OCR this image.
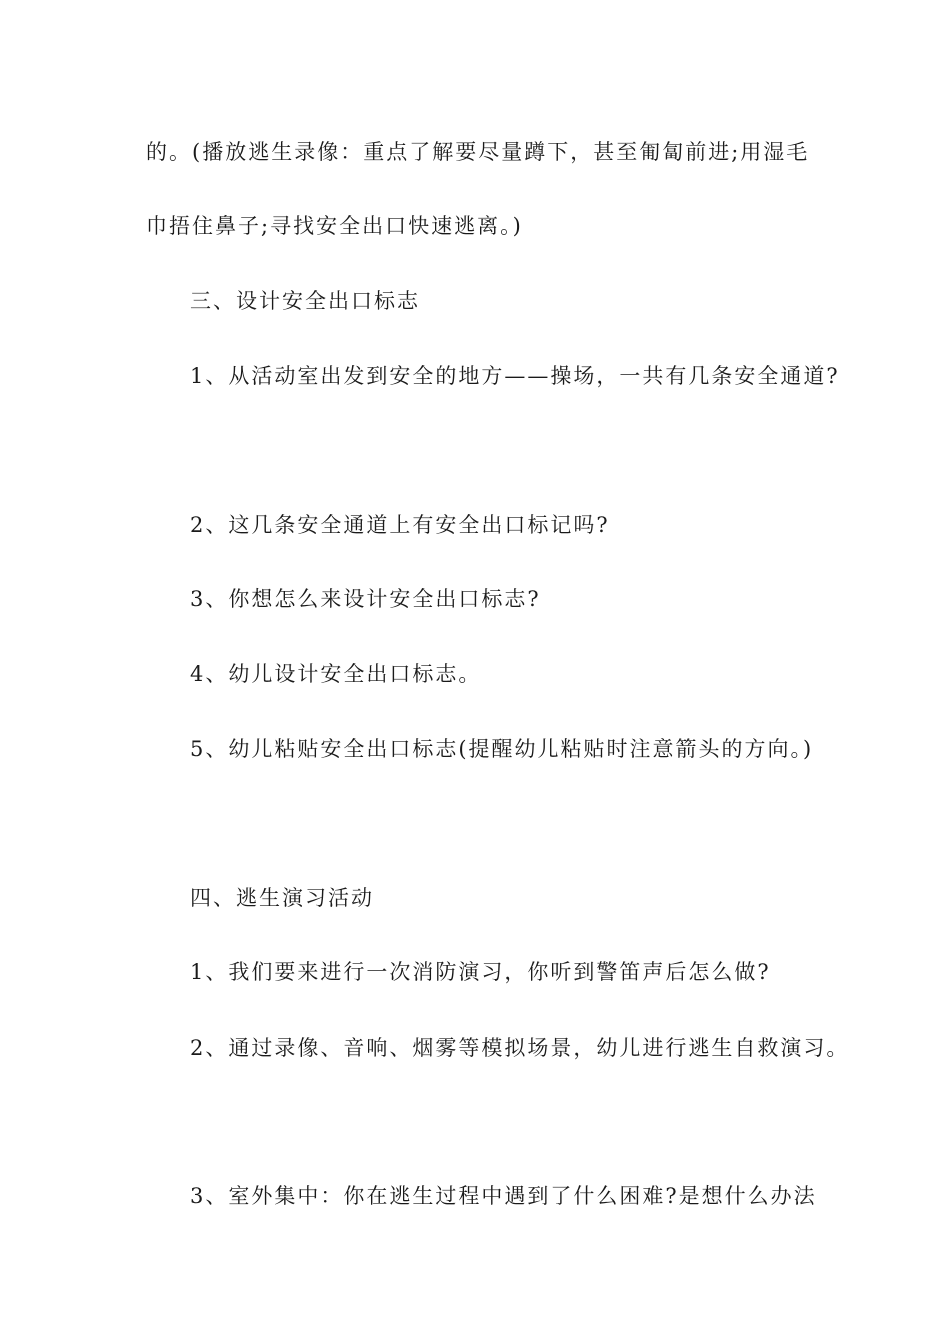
的。(播放逃生录像：重点了解要尽量蹲下，甚至匍匐前进;用湿毛
巾捂住鼻子;寻找安全出口快速逃离。)
三、设计安全出口标志
1、从活动室出发到安全的地方——操场，一共有几条安全通道?
2、这几条安全通道上有安全出口标记吗?
3、你想怎么来设计安全出口标志?
4、幼儿设计安全出口标志。
5、幼儿粘贴安全出口标志(提醒幼儿粘贴时注意箭头的方向。)
四、逃生演习活动
1、我们要来进行一次消防演习，你听到警笛声后怎么做?
2、通过录像、音响、烟雾等模拟场景，幼儿进行逃生自救演习。
3、室外集中：你在逃生过程中遇到了什么困难?是想什么办法
